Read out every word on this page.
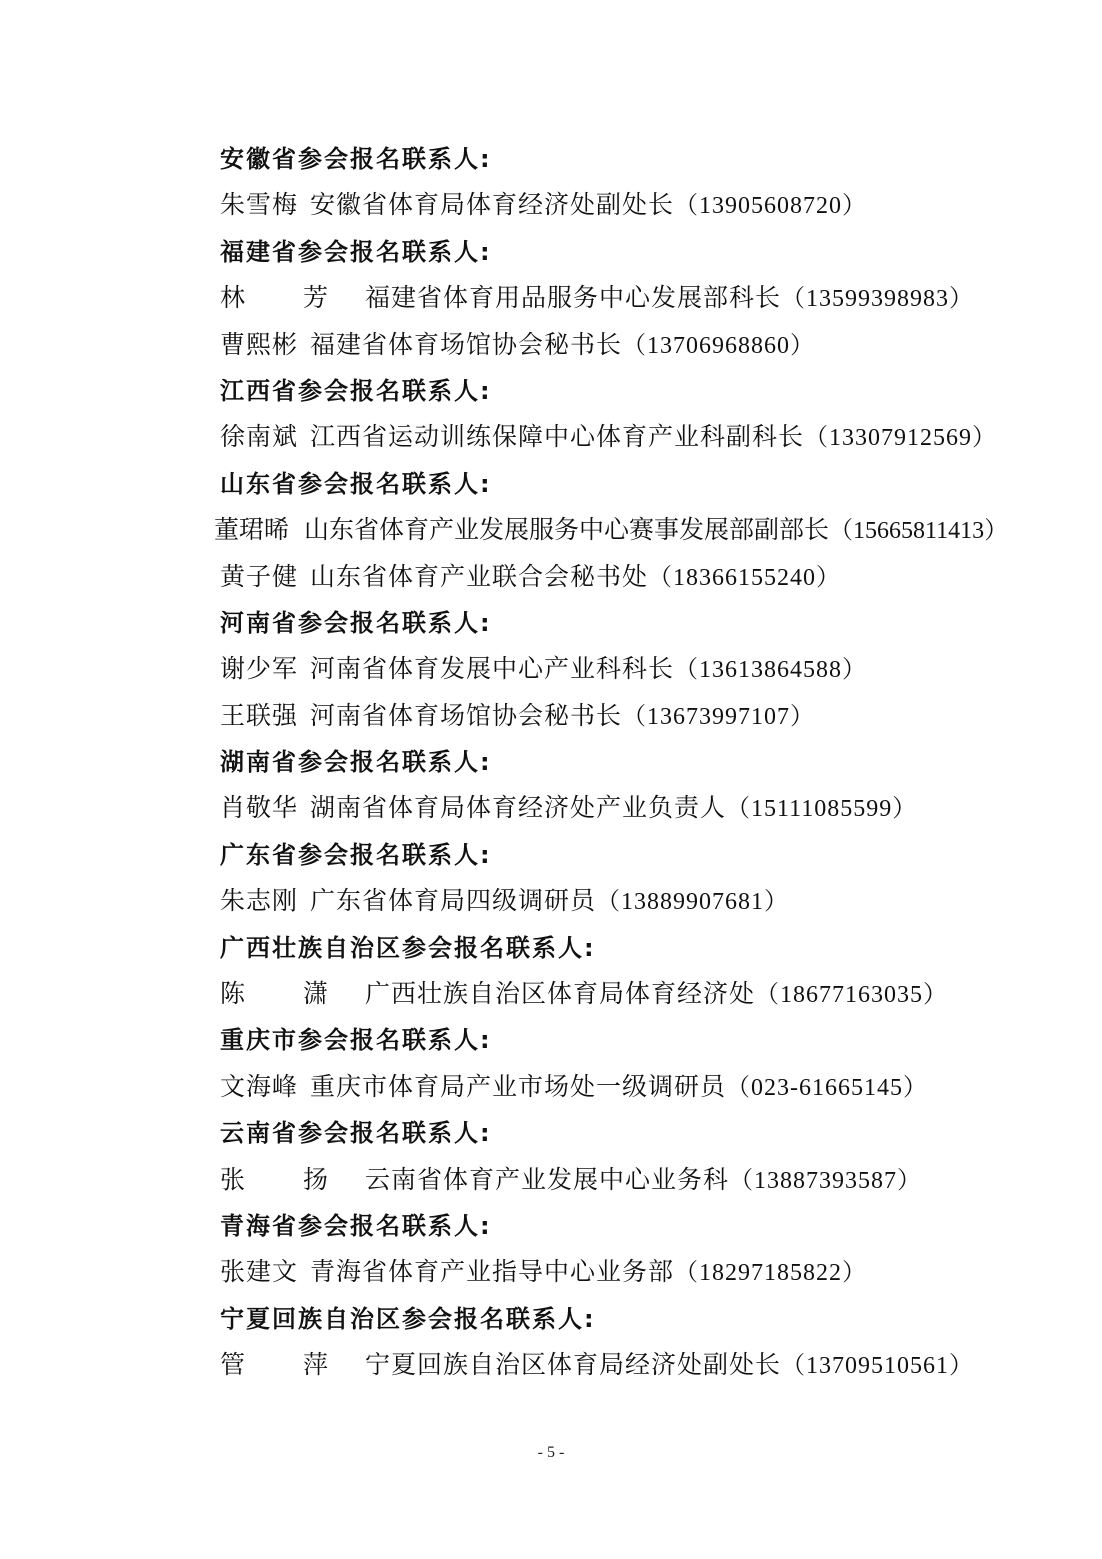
安徽省参会报名联系人:
朱雪梅 安徽省体育局体育经济处副处长（13905608720）
福建省参会报名联系人:
林 芳 福建省体育用品服务中心发展部科长（13599398983）
曹熙彬 福建省体育场馆协会秘书长（13706968860）
江西省参会报名联系人:
徐南斌 江西省运动训练保障中心体育产业科副科长（13307912569）
山东省参会报名联系人:
董珺晞 山东省体育产业发展服务中心赛事发展部副部长（15665811413）
黄子健 山东省体育产业联合会秘书处（18366155240）
河南省参会报名联系人:
谢少军 河南省体育发展中心产业科科长（13613864588）
王联强 河南省体育场馆协会秘书长（13673997107）
湖南省参会报名联系人:
肖敬华 湖南省体育局体育经济处产业负责人（15111085599）
广东省参会报名联系人:
朱志刚 广东省体育局四级调研员（13889907681）
广西壮族自治区参会报名联系人:
陈 潇 广西壮族自治区体育局体育经济处（18677163035）
重庆市参会报名联系人:
文海峰 重庆市体育局产业市场处一级调研员（023-61665145）
云南省参会报名联系人:
张 扬 云南省体育产业发展中心业务科（13887393587）
青海省参会报名联系人:
张建文 青海省体育产业指导中心业务部（18297185822）
宁夏回族自治区参会报名联系人:
管 萍 宁夏回族自治区体育局经济处副处长（13709510561）
- 5 -
